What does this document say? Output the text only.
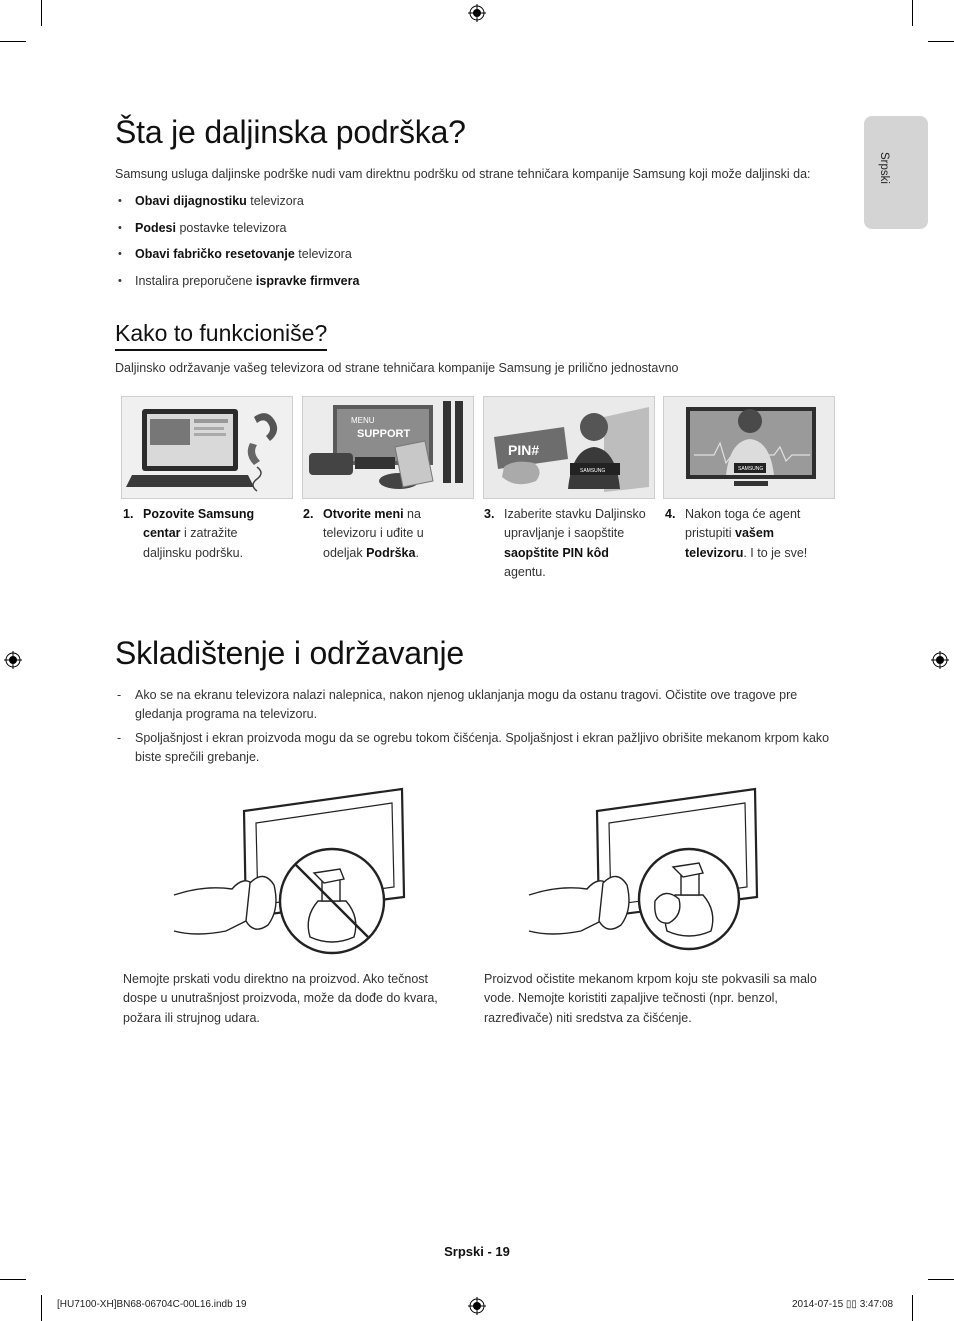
Srpski
Šta je daljinska podrška?
Samsung usluga daljinske podrške nudi vam direktnu podršku od strane tehničara kompanije Samsung koji može daljinski da:
• Obavi dijagnostiku televizora
• Podesi postavke televizora
• Obavi fabričko resetovanje televizora
• Instalira preporučene ispravke firmvera
Kako to funkcioniše?
Daljinsko održavanje vašeg televizora od strane tehničara kompanije Samsung je prilično jednostavno
MENU
SUPPORT
SAMSUNG
PIN#
SAMSUNG
1. Pozovite Samsung centar i zatražite daljinsku podršku.
2. Otvorite meni na televizoru i uđite u odeljak Podrška.
3. Izaberite stavku Daljinsko upravljanje i saopštite saopštite PIN kôd agentu.
4. Nakon toga će agent pristupiti vašem televizoru. I to je sve!
Skladištenje i održavanje
- Ako se na ekranu televizora nalazi nalepnica, nakon njenog uklanjanja mogu da ostanu tragovi. Očistite ove tragove pre gledanja programa na televizoru.
- Spoljašnjost i ekran proizvoda mogu da se ogrebu tokom čišćenja. Spoljašnjost i ekran pažljivo obrišite mekanom krpom kako biste sprečili grebanje.
Nemojte prskati vodu direktno na proizvod. Ako tečnost dospe u unutrašnjost proizvoda, može da dođe do kvara, požara ili strujnog udara.
Proizvod očistite mekanom krpom koju ste pokvasili sa malo vode. Nemojte koristiti zapaljive tečnosti (npr. benzol, razređivače) niti sredstva za čišćenje.
Srpski - 19
[HU7100-XH]BN68-06704C-00L16.indb 19	2014-07-15 ▯▯ 3:47:08
